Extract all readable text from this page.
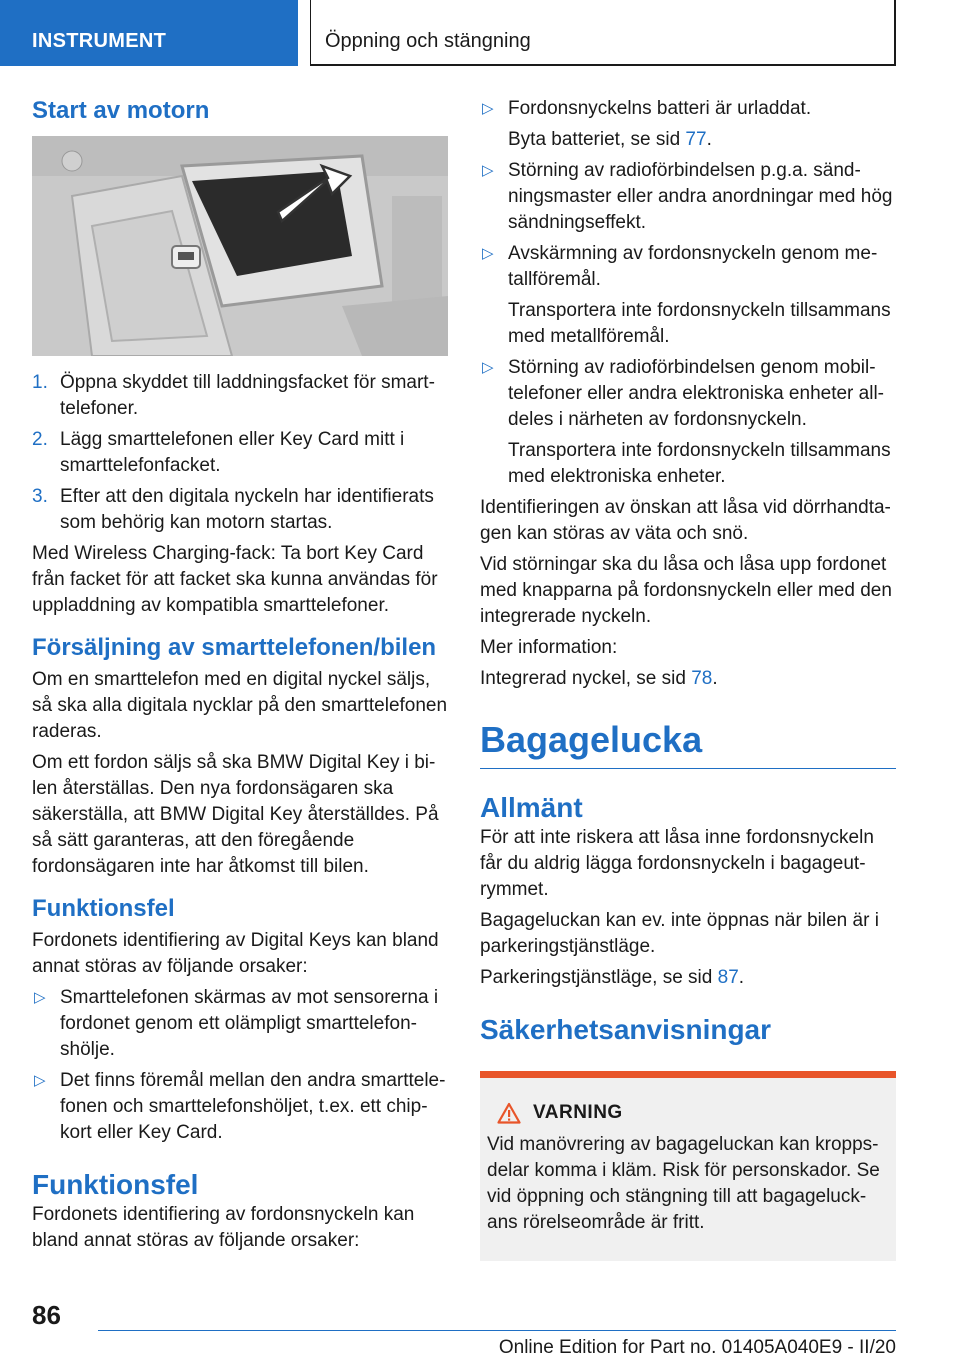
INSTRUMENT	Öppning och stängning
Start av motorn
1. Öppna skyddet till laddningsfacket för smarttelefoner.
2. Lägg smarttelefonen eller Key Card mitt i smarttelefonfacket.
3. Efter att den digitala nyckeln har identifierats som behörig kan motorn startas.

Med Wireless Charging-fack: Ta bort Key Card från facket för att facket ska kunna användas för uppladdning av kompatibla smarttelefoner.

Försäljning av smarttelefonen/bilen

Om en smarttelefon med en digital nyckel säljs, så ska alla digitala nycklar på den smarttelefonen raderas.

Om ett fordon säljs så ska BMW Digital Key i bilen återställas. Den nya fordonsägaren ska säkerställa, att BMW Digital Key återställdes. På så sätt garanteras, att den föregående fordonsägaren inte har åtkomst till bilen.

Funktionsfel

Fordonets identifiering av Digital Keys kan bland annat störas av följande orsaker:

▷ Smarttelefonen skärmas av mot sensorerna i fordonet genom ett olämpligt smarttelefonshölje.
▷ Det finns föremål mellan den andra smarttelefonen och smarttelefonshöljet, t.ex. ett chipkort eller Key Card.
Funktionsfel

Fordonets identifiering av fordonsnyckeln kan bland annat störas av följande orsaker:

▷ Fordonsnyckelns batteri är urladdat.

Byta batteriet, se sid 77.

▷ Störning av radioförbindelsen p.g.a. sändningsmaster eller andra anordningar med hög sändningseffekt.
▷ Avskärmning av fordonsnyckeln genom metallföremål.

Transportera inte fordonsnyckeln tillsammans med metallföremål.

▷ Störning av radioförbindelsen genom mobiltelefoner eller andra elektroniska enheter alldeles i närheten av fordonsnyckeln.

Transportera inte fordonsnyckeln tillsammans med elektroniska enheter.

Identifieringen av önskan att låsa vid dörrhandtagen kan störas av väta och snö.

Vid störningar ska du låsa och låsa upp fordonet med knapparna på fordonsnyckeln eller med den integrerade nyckeln.

Mer information:

Integrerad nyckel, se sid 78.

Bagagelucka
Allmänt

För att inte riskera att låsa inne fordonsnyckeln får du aldrig lägga fordonsnyckeln i bagageutrymmet.

Bagageluckan kan ev. inte öppnas när bilen är i parkeringstjänstläge.

Parkeringstjänstläge, se sid 87.

Säkerhetsanvisningar
VARNING

Vid manövrering av bagageluckan kan kroppsdelar komma i kläm. Risk för personskador. Se vid öppning och stängning till att bagageluckans rörelseområde är fritt.

86
Online Edition for Part no. 01405A040E9 - II/20
